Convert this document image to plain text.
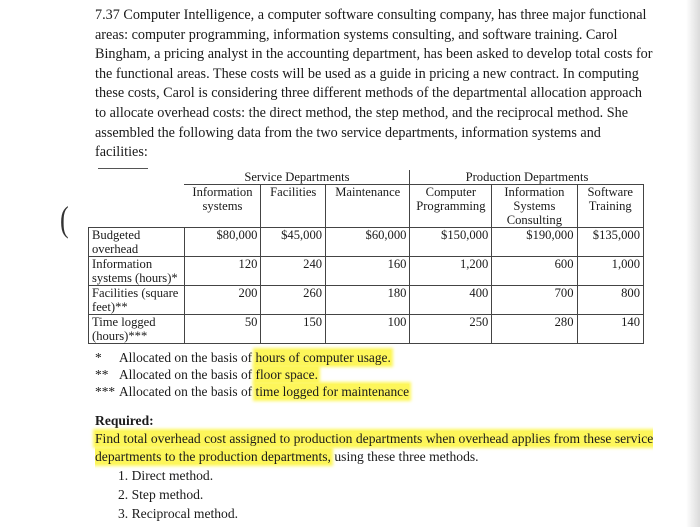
7.37 Computer Intelligence, a computer software consulting company, has three major functional areas: computer programming, information systems consulting, and software training. Carol Bingham, a pricing analyst in the accounting department, has been asked to develop total costs for the functional areas. These costs will be used as a guide in pricing a new contract. In computing these costs, Carol is considering three different methods of the departmental allocation approach to allocate overhead costs: the direct method, the step method, and the reciprocal method. She assembled the following data from the two service departments, information systems and facilities:
(
	Service Departments			Production Departments		
	Information systems	Facilities	Maintenance	Computer Programming	Information Systems Consulting	Software Training
Budgeted overhead	$80,000	$45,000	$60,000	$150,000	$190,000	$135,000
Information systems (hours)*	120	240	160	1,200	600	1,000
Facilities (square feet)**	200	260	180	400	700	800
Time logged (hours)***	50	150	100	250	280	140
* Allocated on the basis of hours of computer usage.
** Allocated on the basis of floor space.
*** Allocated on the basis of time logged for maintenance
Required:
Find total overhead cost assigned to production departments when overhead applies from these service departments to the production departments, using these three methods.
1. Direct method.
2. Step method.
3. Reciprocal method.
